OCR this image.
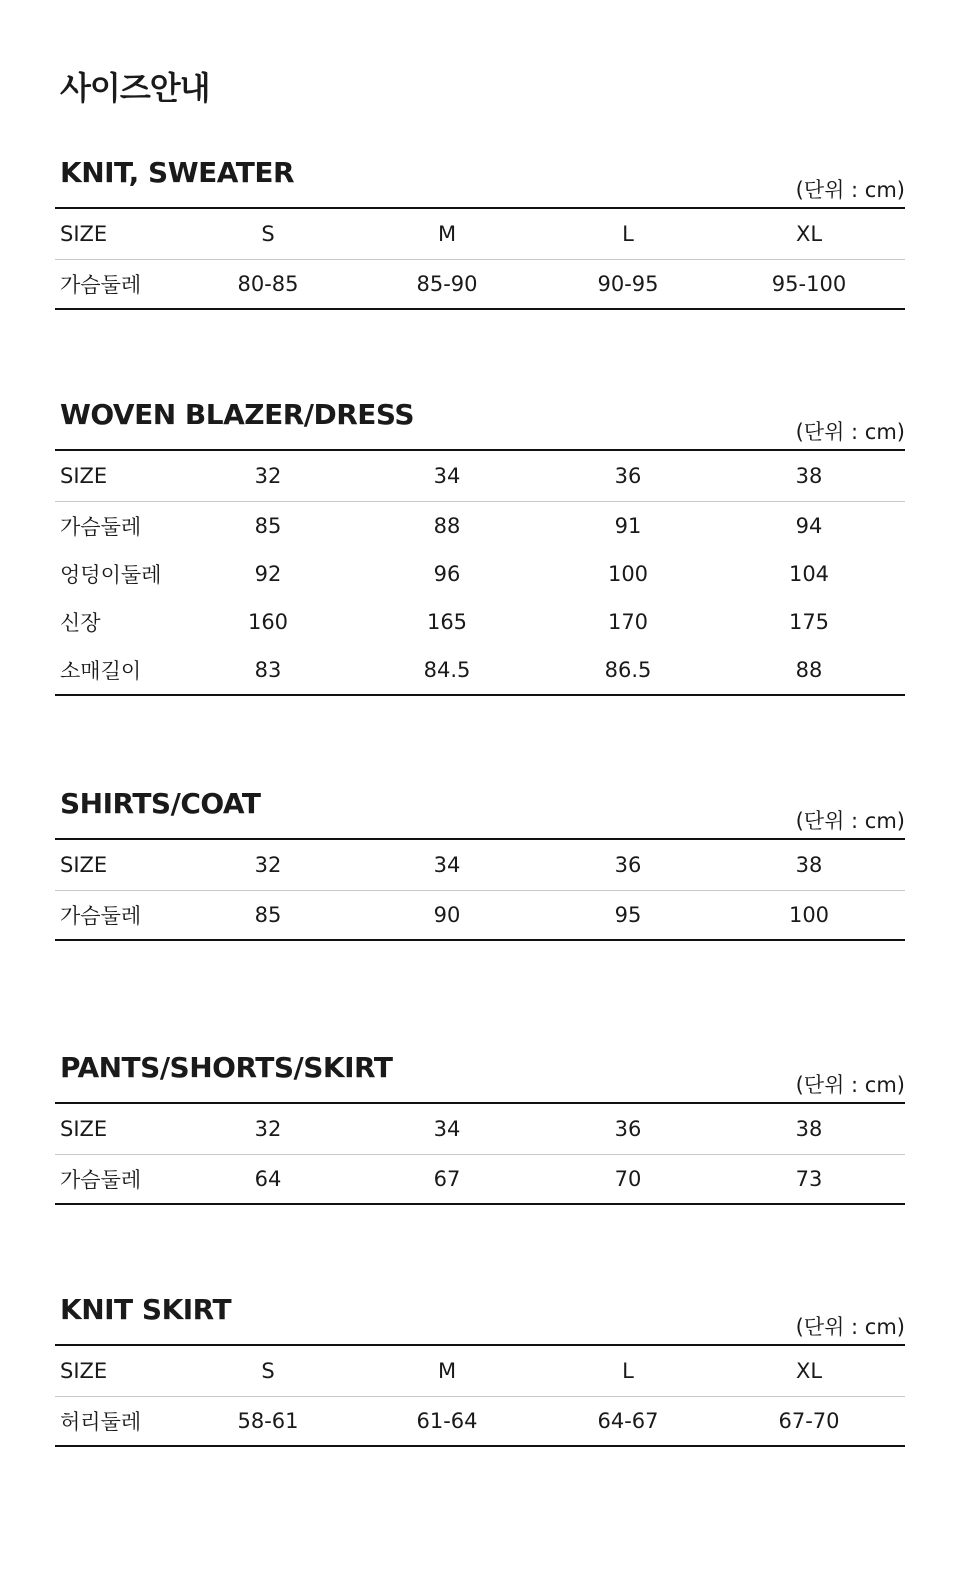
사이즈안내
KNIT, SWEATER
(단위 : cm)
SIZE	S	M	L	XL
가슴둘레	80-85	85-90	90-95	95-100
WOVEN BLAZER/DRESS
(단위 : cm)
SIZE	32	34	36	38
가슴둘레	85	88	91	94
엉덩이둘레	92	96	100	104
신장	160	165	170	175
소매길이	83	84.5	86.5	88
SHIRTS/COAT
(단위 : cm)
SIZE	32	34	36	38
가슴둘레	85	90	95	100
PANTS/SHORTS/SKIRT
(단위 : cm)
SIZE	32	34	36	38
가슴둘레	64	67	70	73
KNIT SKIRT
(단위 : cm)
SIZE	S	M	L	XL
허리둘레	58-61	61-64	64-67	67-70
